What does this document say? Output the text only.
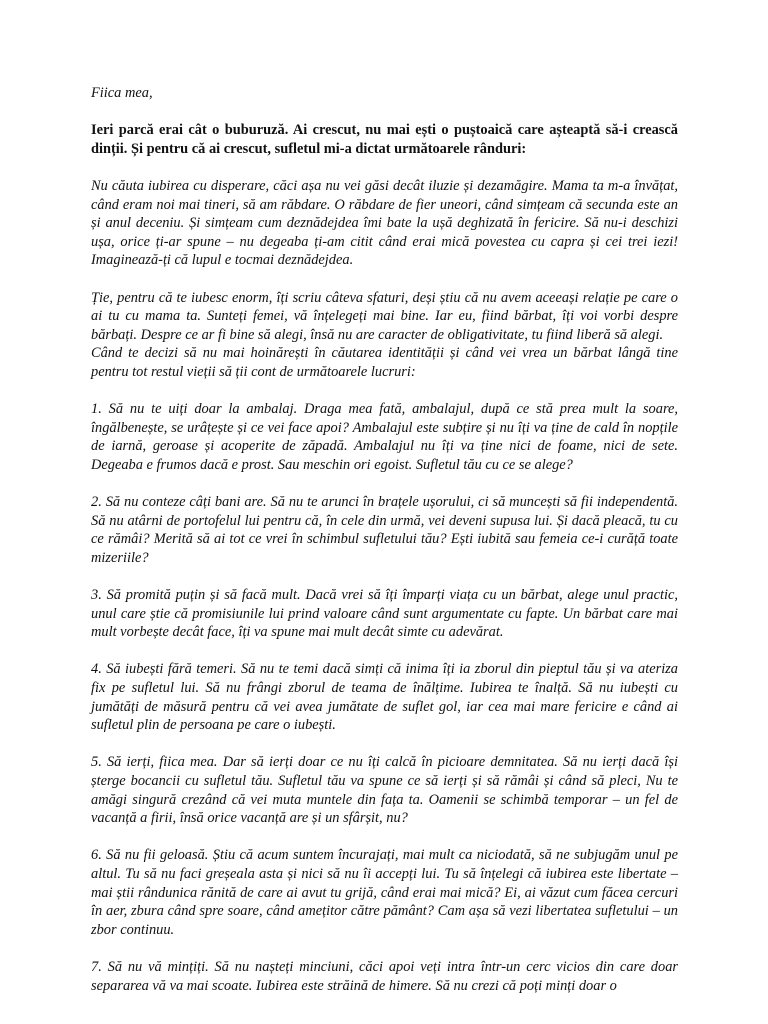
Fiica mea,

Ieri parcă erai cât o buburuză. Ai crescut, nu mai ești o puștoaică care așteaptă să-i crească dinții. Și pentru că ai crescut, sufletul mi-a dictat următoarele rânduri:

Nu căuta iubirea cu disperare, căci așa nu vei găsi decât iluzie și dezamăgire. Mama ta m-a învățat, când eram noi mai tineri, să am răbdare. O răbdare de fier uneori, când simțeam că secunda este an și anul deceniu. Și simțeam cum deznădejdea îmi bate la ușă deghizată în fericire. Să nu-i deschizi ușa, orice ți-ar spune – nu degeaba ți-am citit când erai mică povestea cu capra și cei trei iezi! Imaginează-ți că lupul e tocmai deznădejdea.

Ție, pentru că te iubesc enorm, îți scriu câteva sfaturi, deși știu că nu avem aceeași relație pe care o ai tu cu mama ta. Sunteți femei, vă înțelegeți mai bine. Iar eu, fiind bărbat, îți voi vorbi despre bărbați. Despre ce ar fi bine să alegi, însă nu are caracter de obligativitate, tu fiind liberă să alegi.
Când te decizi să nu mai hoinărești în căutarea identității și când vei vrea un bărbat lângă tine pentru tot restul vieții să ții cont de următoarele lucruri:

1. Să nu te uiți doar la ambalaj. Draga mea fată, ambalajul, după ce stă prea mult la soare, îngălbenește, se urâțește și ce vei face apoi? Ambalajul este subțire și nu îți va ține de cald în nopțile de iarnă, geroase și acoperite de zăpadă. Ambalajul nu îți va ține nici de foame, nici de sete. Degeaba e frumos dacă e prost. Sau meschin ori egoist. Sufletul tău cu ce se alege?

2. Să nu conteze câți bani are. Să nu te arunci în brațele ușorului, ci să muncești să fii independentă. Să nu atârni de portofelul lui pentru că, în cele din urmă, vei deveni supusa lui. Și dacă pleacă, tu cu ce rămâi? Merită să ai tot ce vrei în schimbul sufletului tău? Ești iubită sau femeia ce-i curăță toate mizeriile?

3. Să promită puțin și să facă mult. Dacă vrei să îți împarți viața cu un bărbat, alege unul practic, unul care știe că promisiunile lui prind valoare când sunt argumentate cu fapte. Un bărbat care mai mult vorbește decât face, îți va spune mai mult decât simte cu adevărat.

4. Să iubești fără temeri. Să nu te temi dacă simți că inima îți ia zborul din pieptul tău și va ateriza fix pe sufletul lui. Să nu frângi zborul de teama de înălțime. Iubirea te înalță. Să nu iubești cu jumătăți de măsură pentru că vei avea jumătate de suflet gol, iar cea mai mare fericire e când ai sufletul plin de persoana pe care o iubești.

5. Să ierți, fiica mea. Dar să ierți doar ce nu îți calcă în picioare demnitatea. Să nu ierți dacă își șterge bocancii cu sufletul tău. Sufletul tău va spune ce să ierți și să rămâi și când să pleci, Nu te amăgi singură crezând că vei muta muntele din fața ta. Oamenii se schimbă temporar – un fel de vacanță a firii, însă orice vacanță are și un sfârșit, nu?

6. Să nu fii geloasă. Știu că acum suntem încurajați, mai mult ca niciodată, să ne subjugăm unul pe altul. Tu să nu faci greșeala asta și nici să nu îi accepți lui. Tu să înțelegi că iubirea este libertate – mai știi rândunica rănită de care ai avut tu grijă, când erai mai mică? Ei, ai văzut cum făcea cercuri în aer, zbura când spre soare, când amețitor către pământ? Cam așa să vezi libertatea sufletului – un zbor continuu.

7. Să nu vă mințiți. Să nu nașteți minciuni, căci apoi veți intra într-un cerc vicios din care doar separarea vă va mai scoate. Iubirea este străină de himere. Să nu crezi că poți minți doar o
